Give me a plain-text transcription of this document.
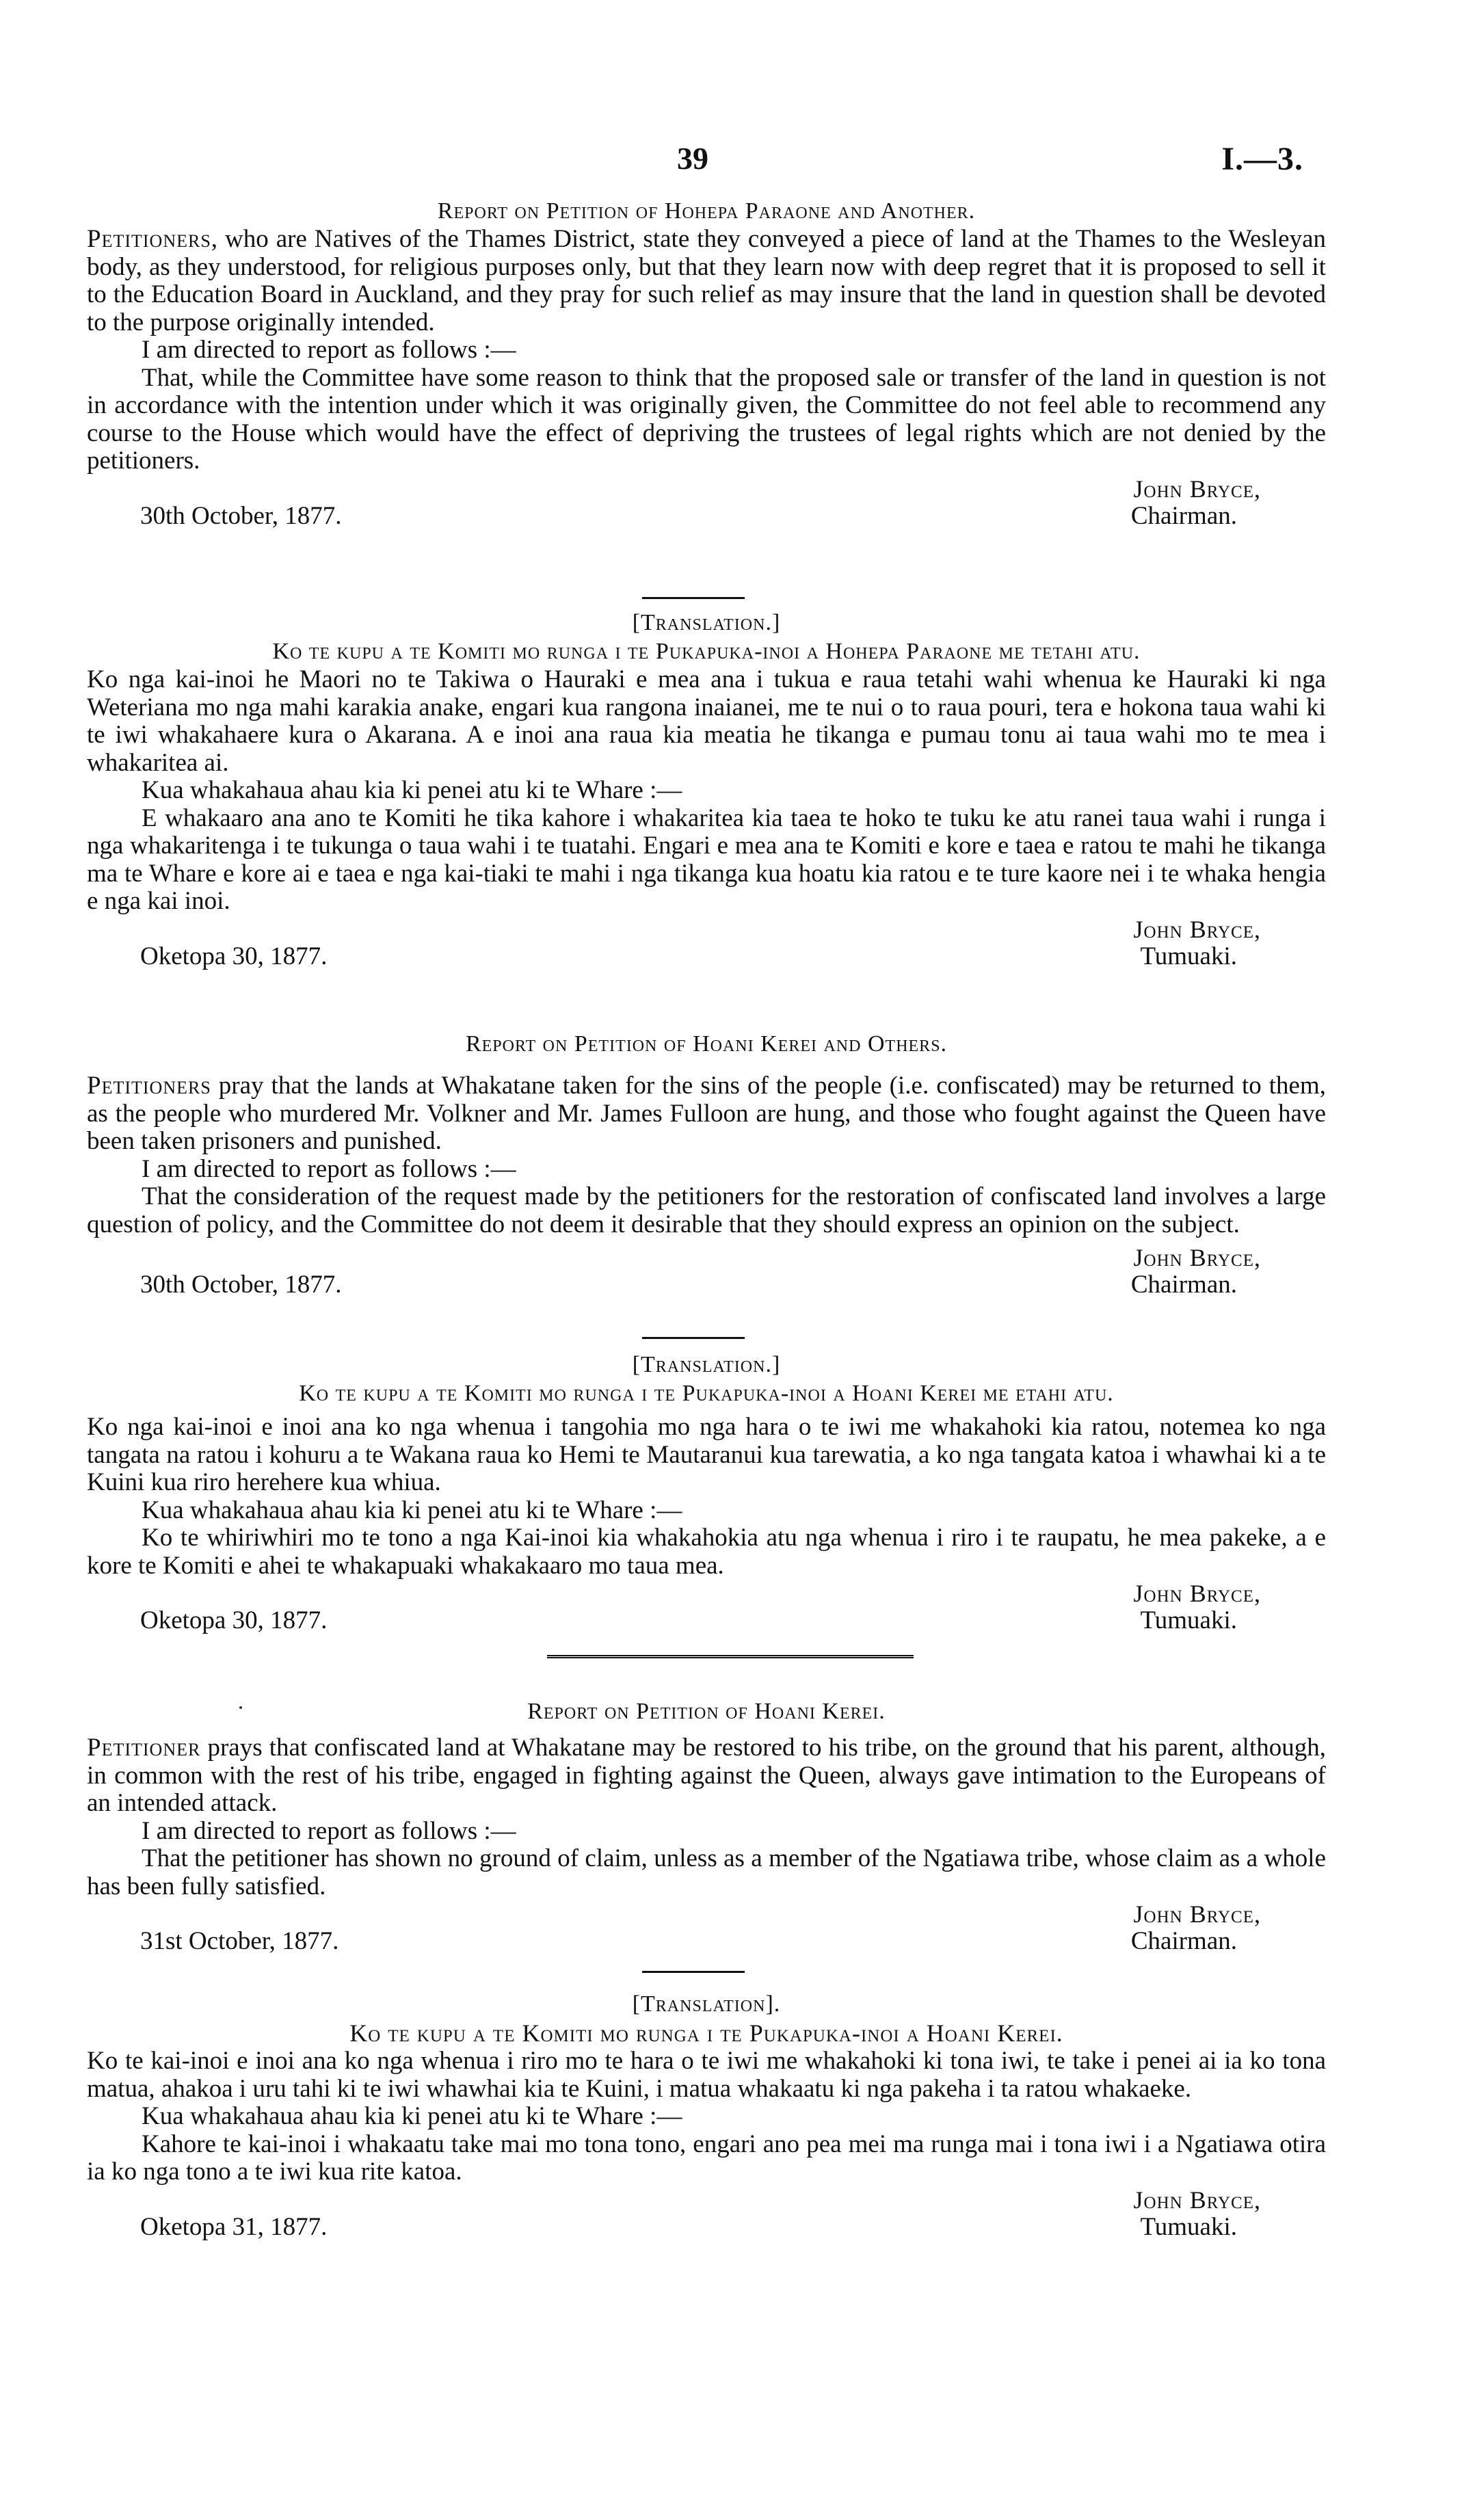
39	I.—3.
Report on Petition of Hohepa Paraone and Another.

Petitioners, who are Natives of the Thames District, state they conveyed a piece of land at the Thames to the Wesleyan body, as they understood, for religious purposes only, but that they learn now with deep regret that it is proposed to sell it to the Education Board in Auckland, and they pray for such relief as may insure that the land in question shall be devoted to the purpose originally intended.

I am directed to report as follows :—

That, while the Committee have some reason to think that the proposed sale or transfer of the land in question is not in accordance with the intention under which it was originally given, the Committee do not feel able to recommend any course to the House which would have the effect of depriving the trustees of legal rights which are not denied by the petitioners.

John Bryce,
30th October, 1877.	Chairman.
[Translation.]
Ko te kupu a te Komiti mo runga i te Pukapuka-inoi a Hohepa Paraone me tetahi atu.

Ko nga kai-inoi he Maori no te Takiwa o Hauraki e mea ana i tukua e raua tetahi wahi whenua ke Hauraki ki nga Weteriana mo nga mahi karakia anake, engari kua rangona inaianei, me te nui o to raua pouri, tera e hokona taua wahi ki te iwi whakahaere kura o Akarana. A e inoi ana raua kia meatia he tikanga e pumau tonu ai taua wahi mo te mea i whakaritea ai.

Kua whakahaua ahau kia ki penei atu ki te Whare :—

E whakaaro ana ano te Komiti he tika kahore i whakaritea kia taea te hoko te tuku ke atu ranei taua wahi i runga i nga whakaritenga i te tukunga o taua wahi i te tuatahi. Engari e mea ana te Komiti e kore e taea e ratou te mahi he tikanga ma te Whare e kore ai e taea e nga kai-tiaki te mahi i nga tikanga kua hoatu kia ratou e te ture kaore nei i te whaka hengia e nga kai inoi.

John Bryce,
Oketopa 30, 1877.	Tumuaki.
Report on Petition of Hoani Kerei and Others.

Petitioners pray that the lands at Whakatane taken for the sins of the people (i.e. confiscated) may be returned to them, as the people who murdered Mr. Volkner and Mr. James Fulloon are hung, and those who fought against the Queen have been taken prisoners and punished.

I am directed to report as follows :—

That the consideration of the request made by the petitioners for the restoration of confiscated land involves a large question of policy, and the Committee do not deem it desirable that they should express an opinion on the subject.

John Bryce,
30th October, 1877.	Chairman.
[Translation.]
Ko te kupu a te Komiti mo runga i te Pukapuka-inoi a Hoani Kerei me etahi atu.

Ko nga kai-inoi e inoi ana ko nga whenua i tangohia mo nga hara o te iwi me whakahoki kia ratou, notemea ko nga tangata na ratou i kohuru a te Wakana raua ko Hemi te Mautaranui kua tarewatia, a ko nga tangata katoa i whawhai ki a te Kuini kua riro herehere kua whiua.

Kua whakahaua ahau kia ki penei atu ki te Whare :—

Ko te whiriwhiri mo te tono a nga Kai-inoi kia whakahokia atu nga whenua i riro i te raupatu, he mea pakeke, a e kore te Komiti e ahei te whakapuaki whakakaaro mo taua mea.

John Bryce,
Oketopa 30, 1877.	Tumuaki.
Report on Petition of Hoani Kerei.

Petitioner prays that confiscated land at Whakatane may be restored to his tribe, on the ground that his parent, although, in common with the rest of his tribe, engaged in fighting against the Queen, always gave intimation to the Europeans of an intended attack.

I am directed to report as follows :—

That the petitioner has shown no ground of claim, unless as a member of the Ngatiawa tribe, whose claim as a whole has been fully satisfied.

John Bryce,
31st October, 1877.	Chairman.
[Translation].
Ko te kupu a te Komiti mo runga i te Pukapuka-inoi a Hoani Kerei.

Ko te kai-inoi e inoi ana ko nga whenua i riro mo te hara o te iwi me whakahoki ki tona iwi, te take i penei ai ia ko tona matua, ahakoa i uru tahi ki te iwi whawhai kia te Kuini, i matua whakaatu ki nga pakeha i ta ratou whakaeke.

Kua whakahaua ahau kia ki penei atu ki te Whare :—

Kahore te kai-inoi i whakaatu take mai mo tona tono, engari ano pea mei ma runga mai i tona iwi i a Ngatiawa otira ia ko nga tono a te iwi kua rite katoa.

John Bryce,
Oketopa 31, 1877.	Tumuaki.
